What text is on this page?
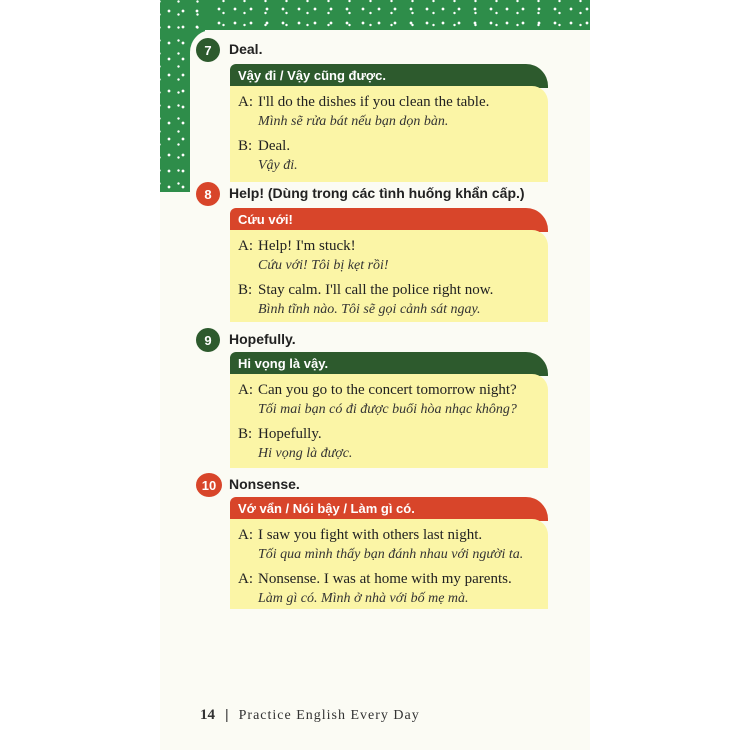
7	Deal.
Vậy đi / Vậy cũng được.
A: I'll do the dishes if you clean the table.
Mình sẽ rửa bát nếu bạn dọn bàn.
B: Deal.
Vậy đi.
8	Help! (Dùng trong các tình huống khẩn cấp.)
Cứu với!
A: Help! I'm stuck!
Cứu với! Tôi bị kẹt rồi!
B: Stay calm. I'll call the police right now.
Bình tĩnh nào. Tôi sẽ gọi cảnh sát ngay.
9	Hopefully.
Hi vọng là vậy.
A: Can you go to the concert tomorrow night?
Tối mai bạn có đi được buổi hòa nhạc không?
B: Hopefully.
Hi vọng là được.
10 Nonsense.
Vớ vẩn / Nói bậy / Làm gì có.
A: I saw you fight with others last night.
Tối qua mình thấy bạn đánh nhau với người ta.
A: Nonsense. I was at home with my parents.
Làm gì có. Mình ở nhà với bố mẹ mà.
14 | Practice English Every Day
